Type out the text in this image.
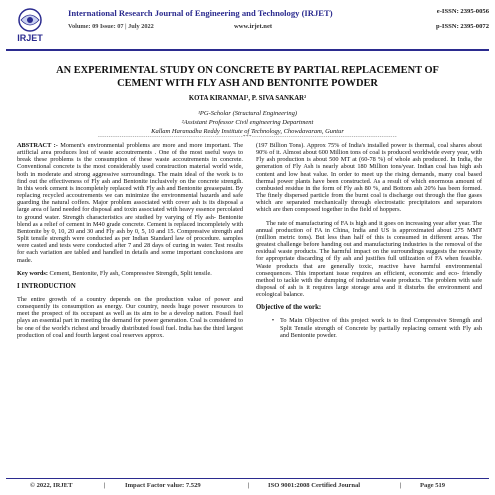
IRJET
International Research Journal of Engineering and Technology (IRJET)
Volume: 09 Issue: 07 | July 2022	www.irjet.net
e-ISSN: 2395-0056
p-ISSN: 2395-0072
AN EXPERIMENTAL STUDY ON CONCRETE BY PARTIAL REPLACEMENT OF
CEMENT WITH FLY ASH AND BENTONITE POWDER
KOTA KIRANMAI¹, P. SIVA SANKAR²
¹PG-Scholar (Structural Engineering)
²Assistant Professor Civil engineering Department
Kallam Haranadha Reddy Institute of Technology, Chowdavaram, Guntur
-------------------------------------------------------------------***-------------------------------------------------------------------

ABSTRACT :- Moment's environmental problems are more and more important. The artificial area produces lost of waste accoutrements . One of the most useful ways to break these problems is the consumption of these waste accoutrements in concrete. Conventional concrete is the most considerably used construction material world wide, both in moderate and strong aggressive surroundings. The main ideal of the work is to find out the effectiveness of Fly ash and Bentonite inclusively on the concrete strength. In this work cement is incompletely replaced with Fly ash and Bentonite greasepaint. By replacing recycled accoutrements we can minimize the environmental hazards and safe guarding the natural coffers. Major problem associated with cover ash is its disposal a large area of land needed for disposal and toxin associated with heavy essence percolated to ground water. Strength characteristics are studied by varying of Fly ash- Bentonite blend as a relief of cement in M40 grade concrete. Cement is replaced incompletely with Bentonite by 0, 10, 20 and 30 and Fly ash by 0, 5, 10 and 15. Compressive strength and Split tensile strength were conducted as per Indian Standard law of procedure. samples were casted and tests were conducted after 7 and 28 days of curing in water. Test results for each variation are tabled and handled in details and some important conclusions are made.

Key words: Cement, Bentonite, Fly ash, Compressive Strength, Split tensile.

I INTRODUCTION

The entire growth of a country depends on the production value of power and consequently its consumption as energy. Our country, needs huge power resources to meet the prospect of its occupant as well as its aim to be a develop nation. Fossil fuel plays an essential part in meeting the demand for power generation. Coal is considered to be one of the world's richest and broadly distributed fossil fuel. India has the third largest production of coal and fourth largest coal reserves approx.

(197 Billion Tons). Approx 75% of India's installed power is thermal, coal shares about 90% of it. Almost about 600 Million tons of coal is produced worldwide every year, with Fly ash production is about 500 MT at (60-78 %) of whole ash produced. In India, the generation of Fly Ash is nearly about 180 Million tons/year. Indian coal has high ash content and low heat value. In order to meet up the rising demands, many coal based thermal power plants have been constructed. As a result of which enormous amount of combusted residue in the form of Fly ash 80 %, and Bottom ash 20% has been formed. The finely dispersed particle from the burnt coal is discharge out through the flue gases which are separated mechanically through electrostatic precipitators and separators which are then composed together in the field of hoppers.

The rate of manufacturing of FA is high and it goes on increasing year after year. The annual production of FA in China, India and US is approximated about 275 MMT (million metric tons). But less than half of this is consumed in different areas. The greatest challenge before handing out and manufacturing industries is the removal of the residual waste products. The harmful impact on the surroundings suggests the necessity for appropriate discarding of fly ash and justifies full utilization of FA when feasible. Waste products that are generally toxic, reactive have harmful environmental consequences. This important issue requires an efficient, economic and eco- friendly method to tackle with the dumping of industrial waste products. The problem with safe disposal of ash is it requires large storage area and it disturbs the environment and ecological balance.

Objective of the work:
• To Main Objective of this project work is to find Compressive Strength and Split Tensile strength of Concrete by partially replacing cement with Fly ash and Bentonite powder.
© 2022, IRJET	|	Impact Factor value: 7.529	|	ISO 9001:2008 Certified Journal	|	Page 519
